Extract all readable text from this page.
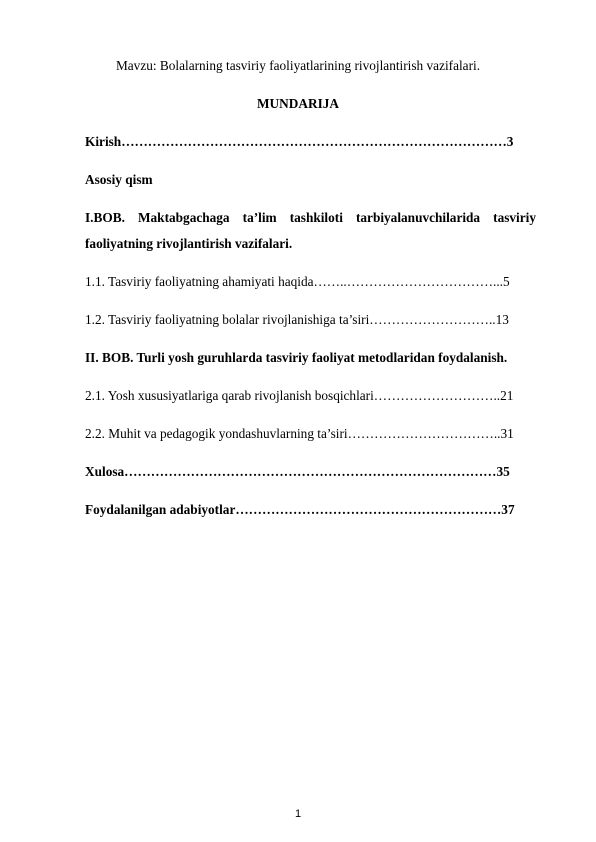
Mavzu: Bolalarning tasviriy faoliyatlarining rivojlantirish vazifalari.
MUNDARIJA
Kirish……………………………………………………………………………3
Asosiy qism
I.BOB. Maktabgachaga ta’lim tashkiloti tarbiyalanuvchilarida tasviriy
faoliyatning rivojlantirish vazifalari.
1.1. Tasviriy faoliyatning ahamiyati haqida……..……………………………...5
1.2. Tasviriy faoliyatning bolalar rivojlanishiga ta’siri………………………..13
II. BOB. Turli yosh guruhlarda tasviriy faoliyat metodlaridan foydalanish.
2.1. Yosh xususiyatlariga qarab rivojlanish bosqichlari………………………..21
2.2. Muhit va pedagogik yondashuvlarning ta’siri……………………………..31
Xulosa…………………………………………………………………………35
Foydalanilgan adabiyotlar……………………………………………………37
1
